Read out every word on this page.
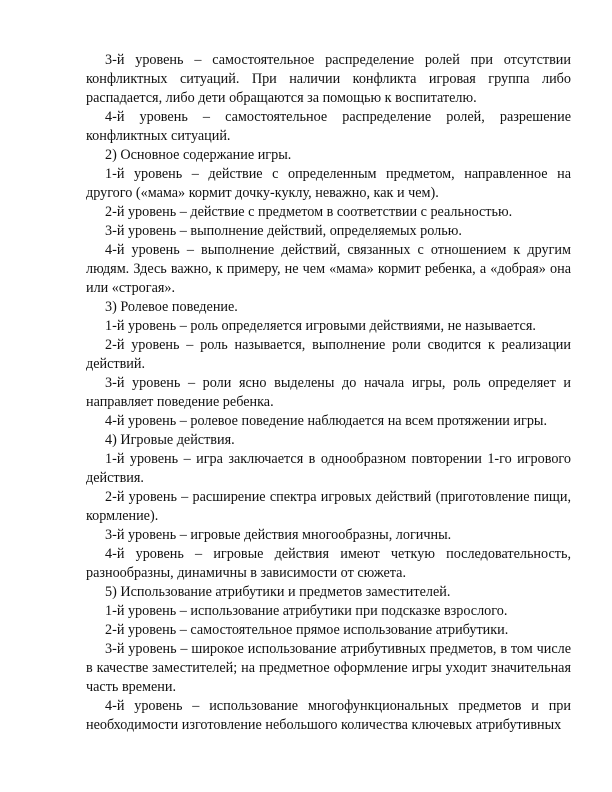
3-й уровень – самостоятельное распределение ролей при отсутствии конфликтных ситуаций. При наличии конфликта игровая группа либо распадается, либо дети обращаются за помощью к воспитателю.

4-й уровень – самостоятельное распределение ролей, разрешение конфликтных ситуаций.

2) Основное содержание игры.

1-й уровень – действие с определенным предметом, направленное на другого («мама» кормит дочку-куклу, неважно, как и чем).

2-й уровень – действие с предметом в соответствии с реальностью.

3-й уровень – выполнение действий, определяемых ролью.

4-й уровень – выполнение действий, связанных с отношением к другим людям. Здесь важно, к примеру, не чем «мама» кормит ребенка, а «добрая» она или «строгая».

3) Ролевое поведение.

1-й уровень – роль определяется игровыми действиями, не называется.

2-й уровень – роль называется, выполнение роли сводится к реализации действий.

3-й уровень – роли ясно выделены до начала игры, роль определяет и направляет поведение ребенка.

4-й уровень – ролевое поведение наблюдается на всем протяжении игры.

4) Игровые действия.

1-й уровень – игра заключается в однообразном повторении 1-го игрового действия.

2-й уровень – расширение спектра игровых действий (приготовление пищи, кормление).

3-й уровень – игровые действия многообразны, логичны.

4-й уровень – игровые действия имеют четкую последовательность, разнообразны, динамичны в зависимости от сюжета.

5) Использование атрибутики и предметов заместителей.

1-й уровень – использование атрибутики при подсказке взрослого.

2-й уровень – самостоятельное прямое использование атрибутики.

3-й уровень – широкое использование атрибутивных предметов, в том числе в качестве заместителей; на предметное оформление игры уходит значительная часть времени.

4-й уровень – использование многофункциональных предметов и при необходимости изготовление небольшого количества ключевых атрибутивных
